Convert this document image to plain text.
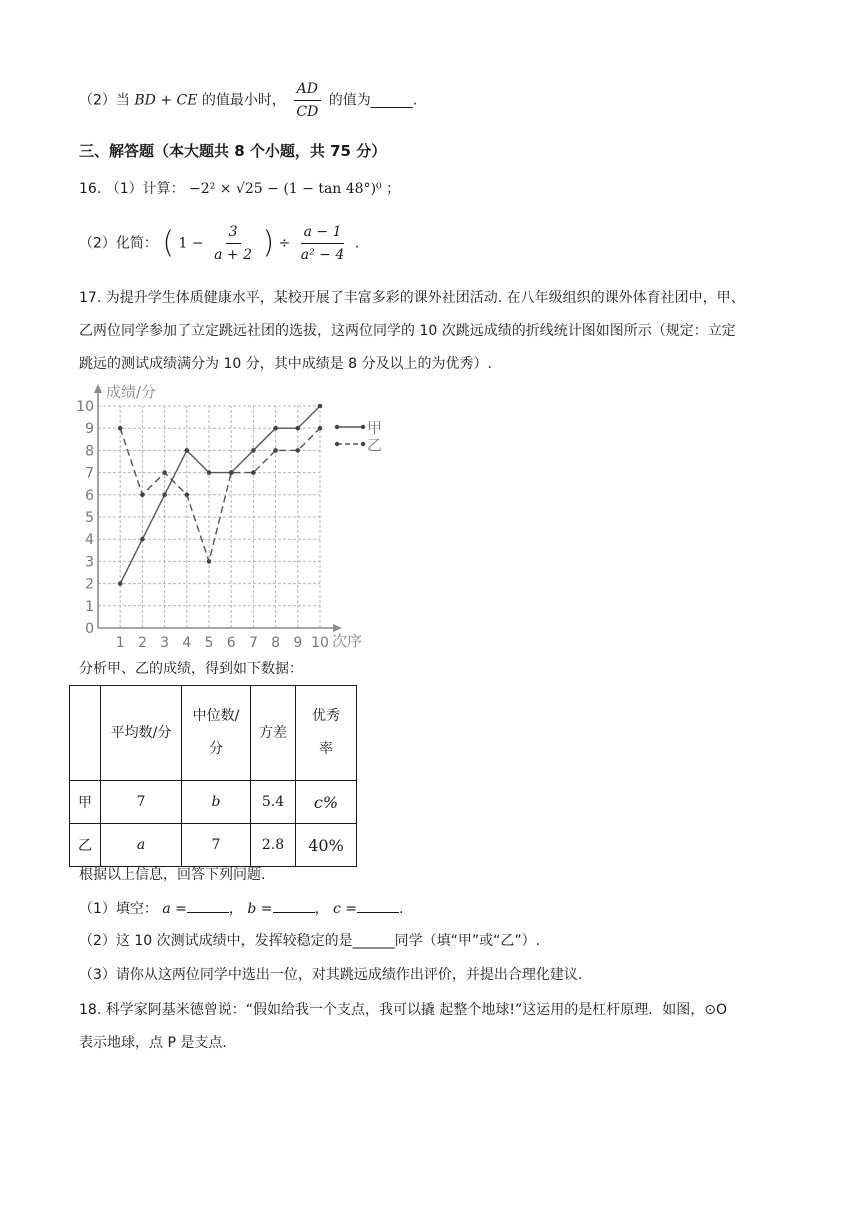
（2）当 BD + CE 的值最小时， $\frac{AD}{CD}$ 的值为______.
三、解答题（本大题共 8 个小题，共 75 分）
16. （1）计算： −2² × √25 − (1 − tan 48°)⁰ ；
（2）化简： ( $1 - \frac{3}{a + 2}$ ) ÷ $\frac{a - 1}{\text{a² − 4}}$ .
17. 为提升学生体质健康水平，某校开展了丰富多彩的课外社团活动. 在八年级组织的课外体育社团中，甲、
乙两位同学参加了立定跳远社团的选拔，这两位同学的 10 次跳远成绩的折线统计图如图所示（规定：立定
跳远的测试成绩满分为 10 分，其中成绩是 8 分及以上的为优秀）.
0
1
2
3
4
5
6
7
8
9
10
1 2 3 4 5 6 7 8 9 10
成绩/分
次序
甲
乙
分析甲、乙的成绩，得到如下数据：
	平均数/分	中位数/分	方差	优秀率
甲	7	b	5.4	c%
乙	a	7	2.8	40%
根据以上信息，回答下列问题.
（1）填空： a =	， b =	， c =	.
（2）这 10 次测试成绩中，发挥较稳定的是______同学（填“甲”或“乙”）.
（3）请你从这两位同学中选出一位，对其跳远成绩作出评价，并提出合理化建议.
18. 科学家阿基米德曾说：“假如给我一个支点，我可以撬 起整个地球!”这运用的是杠杆原理．如图，⊙O
表示地球，点 P 是支点.
